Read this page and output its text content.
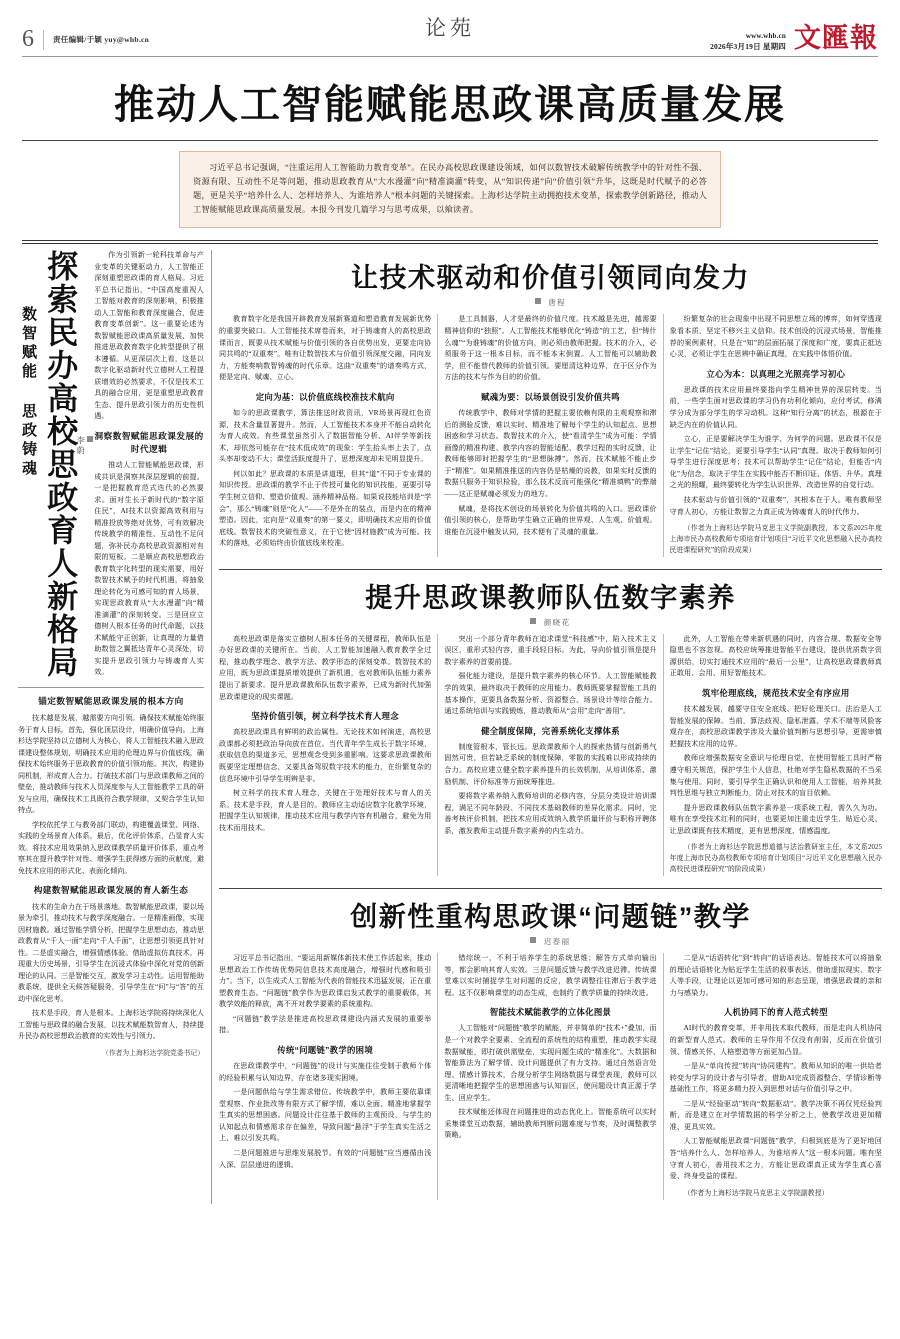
6	责任编辑/于颖 yuy@whb.cn	论苑	www.whb.cn
2026年3月19日 星期四 文匯報
推动人工智能赋能思政课高质量发展
习近平总书记强调，“注重运用人工智能助力教育变革”。在民办高校思政课建设领域，如何以数智技术破解传统教学中的针对性不强、资源有限、互动性不足等问题，推动思政教育从“大水漫灌”向“精准滴灌”转变，从“知识传递”向“价值引领”升华，这既是时代赋予的必答题，更是关乎“培养什么人、怎样培养人、为谁培养人”根本问题的关键探索。上海杉达学院主动拥抱技术变革，探索教学创新路径，推动人工智能赋能思政课高质量发展。本报今刊发几篇学习与思考成果，以飨读者。
数智赋能 思政铸魂 探索民办高校思政育人新格局 李蔚

作为引领新一轮科技革命与产业变革的关键驱动力，人工智能正深刻重塑思政课的育人格局。习近平总书记指出，“中国高度重视人工智能对教育的深刻影响，积极推动人工智能和教育深度融合，促进教育变革创新”。这一重要论述为数智赋能思政课高质量发展、加快推进思政教育数字化转型提供了根本遵循。从更深层次上看，这是以数字化驱动新时代立德树人工程提质增效的必然要求，不仅是技术工具的融合应用，更是重塑思政教育生态、提升思政引领力的历史性机遇。

洞察数智赋能思政课发展的时代逻辑

推动人工智能赋能思政课，形成共识是洞察其深层逻辑的前提。一是把握教育范式迭代的必然要求。面对生长于新时代的“数字原住民”，AI技术以资源高效利用与精准投放等绝对优势，可有效解决传统教学的精准性、互动性不足问题，弥补民办高校思政资源相对有限的短板。二是顺应高校思想政治教育数字化转型的现实需要，用好数智技术赋予的时代机遇，将抽象理论转化为可感可知的育人场景，实现思政教育从“大水漫灌”向“精准滴灌”的深刻转变。三是回应立德树人根本任务的时代命题，以技术赋能守正创新，让真理的力量借助数智之翼抵达青年心灵深处，切实提升思政引领力与铸魂育人实效。

锚定数智赋能思政课发展的根本方向

技术越是发展，越需要方向引领。确保技术赋能始终服务于育人目标。首先，强化顶层设计，明确价值导向。上海杉达学院坚持以立德树人为核心，将人工智能技术融入思政课建设整体规划，明确技术应用的伦理边界与价值底线，确保技术始终服务于思政教育的价值引领功能。其次，构建协同机制，形成育人合力。打破技术部门与思政课教师之间的壁垒，推动教师与技术人员深度参与人工智能教学工具的研发与应用，确保技术工具既符合教学规律，又契合学生认知特点。

学校依托学工与教务部门联动，构建覆盖课堂、网络、实践的全场景育人体系。最后，优化评价体系，凸显育人实效。将技术应用效果纳入思政课教学质量评价体系，重点考察其在提升教学针对性、增强学生获得感方面的贡献度，避免技术应用的形式化、表面化倾向。

构建数智赋能思政课发展的育人新生态

技术的生命力在于场景落地。数智赋能思政课，要以场景为牵引，推动技术与教学深度融合。一是精准画像，实现因材施教。通过智能学情分析，把握学生思想动态，推动思政教育从“千人一面”走向“千人千面”，让思想引领更具针对性。二是虚实融合，增强情感体验。借助虚拟仿真技术，再现重大历史场景，引导学生在沉浸式体验中深化对党的创新理论的认同。三是智能交互，激发学习主动性。运用智能助教系统，提供全天候答疑服务，引导学生在“问”与“答”的互动中深化思考。

技术是手段，育人是根本。上海杉达学院将持续深化人工智能与思政课的融合发展，以技术赋能数智育人，持续提升民办高校思想政治教育的实效性与引领力。

（作者为上海杉达学院党委书记）
让技术驱动和价值引领同向发力
唐程

教育数字化是我国开辟教育发展新赛道和塑造教育发展新优势的重要突破口。人工智能技术席卷而来，对于铸魂育人的高校思政课而言，既要从技术赋能与价值引领的各自优势出发，更要走向协同共鸣的“双重奏”。唯有让数智技术与价值引领深度交融，同向发力，方能奏响数智铸魂的时代乐章。这曲“双重奏”的谱奏鸣方式，便是定向、赋魂、立心。

定向为基：以价值底线校准技术航向

如今的思政课教学，算法推送时政资讯，VR场景再现红色资源，技术含量显著提升。然而，人工智能技术本身并不能自动转化为育人成效。有些课堂虽然引入了数据智能分析、AI伴学等新技术，却依然可能存在“技术低成效”的现象：学生抬头率上去了，点头率却变动不大；课堂活跃度提升了，思想深度却未见明显提升。

何以如此？思政课的本质是讲道理，但其“道”不同于专业课的知识传授。思政课的教学不止于传授可量化的知识技能，更要引导学生树立信仰、塑造价值观、涵养精神品格。如果说技能培训是“学会”，那么“铸魂”则是“化人”——不是外在的装点，而是内在的精神塑造。因此，定向是“双重奏”的第一要义，即明确技术应用的价值底线。数智技术的突破性意义，在于它使“因材施教”成为可能。技术的落地，必须始终由价值底线来校准。

是工具制器，人才是最终的价值尺度。技术越是先进，越需要精神信仰的“独照”。人工智能技术能够优化“铸造”的工艺，但“铸什么魂”“为谁铸魂”的价值方向，则必须由教师把握。技术的介入，必须服务于这一根本目标，而不能本末倒置。人工智能可以辅助教学，但不能替代教师的价值引领。要厘清这种边界，在于区分作为方法的技术与作为目的的价值。

赋魂为要：以场景创设引发价值共鸣

传统教学中，教师对学情的把握主要依赖有限的主观观察和滞后的测验反馈，难以实时、精准地了解每个学生的认知起点、思想困惑和学习状态。数智技术的介入，使“看清学生”成为可能：学情画像的精准构建、教学内容的智能适配、教学过程的实时反馈，让教师能够即时把握学生的“思想脉搏”。然而，技术赋能不能止步于“精准”。如果精准推送的内容仍是枯燥的说教，如果实时反馈的数据只服务于知识检验，那么技术反而可能强化“精准填鸭”的弊端——这正是赋魂必须发力的地方。

赋魂，是将技术创设的场景转化为价值共鸣的入口。思政课价值引领的核心，是帮助学生确立正确的世界观、人生观、价值观。谁能在沉浸中触发认同，技术便有了灵魂的重量。

纷繁复杂的社会现象中出现不同思想立场的博弈，如何穿透现象看本质，坚定不移兴主义信仰。技术创设的沉浸式场景，智能推荐的案例素材，只是在“知”的层面拓展了深度和广度，要真正抵达心灵，必须让学生在思辨中确证真理，在实践中体悟价值。

立心为本：以真理之光照亮学习初心

思政课的技术应用最终要指向学生精神世界的深层转变。当前，一些学生面对思政课的学习仍有功利化倾向，应付考试、修满学分成为部分学生的学习动机。这种“知行分离”的状态，根源在于缺乏内在的价值认同。

立心，正是要解决学生为谁学、为何学的问题。思政课不仅是让学生“记住”结论，更要引导学生“认同”真理。取决于教师如何引导学生进行深度思考；技术可以帮助学生“记住”结论，但能否“内化”为信念，取决于学生在实践中能否不断印证、体悟、升华。真理之光的照耀，最终要转化为学生认识世界、改造世界的自觉行动。

技术驱动与价值引领的“双重奏”，其根本在于人。唯有教师坚守育人初心，方能让数智之力真正成为铸魂育人的时代伟力。

（作者为上海杉达学院马克思主义学院副教授，本文系2025年度上海市民办高校教师专项培育计划项目“习近平文化思想融入民办高校民进课程研究”的阶段成果）
提升思政课教师队伍数字素养
颜晓花

高校思政课是落实立德树人根本任务的关键课程，教师队伍是办好思政课的关键所在。当前，人工智能加速融入教育教学全过程，推动教学理念、教学方法、教学形态的深刻变革。数智技术的应用，既为思政课提质增效提供了新机遇，也对教师队伍能力素养提出了新要求。提升思政课教师队伍数字素养，已成为新时代加强思政课建设的现实课题。

坚持价值引领，树立科学技术育人理念

高校思政课具有鲜明的政治属性。无论技术如何演进，高校思政课都必须把政治导向放在首位。当代青年学生成长于数字环境，获取信息的渠道多元，思想观念受到多重影响。这要求思政课教师既要坚定理想信念，又要具备驾驭数字技术的能力，在纷繁复杂的信息环境中引导学生明辨是非。

树立科学的技术育人理念，关键在于处理好技术与育人的关系。技术是手段，育人是目的。教师应主动适应数字化教学环境，把握学生认知规律，推动技术应用与教学内容有机融合，避免为用技术而用技术。

突出一个部分青年教师在追求课堂“科技感”中，陷入技术主义误区，重形式轻内容，重手段轻目标。为此，导向价值引领是提升数字素养的首要前提。

强化能力建设，是提升数字素养的核心环节。人工智能赋能教学的效果，最终取决于教师的应用能力。教师既要掌握智能工具的基本操作，更要具备数据分析、资源整合、场景设计等综合能力。通过系统培训与实践锻炼，推动教师从“会用”走向“善用”。

健全制度保障，完善系统化支撑体系

制度管根本，管长远。思政课教师个人的探索热情与创新勇气固然可贵，但若缺乏系统的制度保障，零散的实践难以形成持续的合力。高校应建立健全数字素养提升的长效机制，从培训体系、激励机制、评价标准等方面统筹推进。

要将数字素养纳入教师培训的必修内容，分层分类设计培训课程，满足不同年龄段、不同技术基础教师的差异化需求。同时，完善考核评价机制，把技术应用成效纳入教学质量评价与职称评聘体系，激发教师主动提升数字素养的内生动力。

此外，人工智能在带来新机遇的同时，内容合规、数据安全等隐患也不容忽视。高校应统筹推进智能平台建设，提供优质数字资源供给，切实打通技术应用的“最后一公里”，让高校思政课教师真正敢用、会用、用好智能技术。

筑牢伦理底线，规范技术安全有序应用

技术越发展，越要守住安全底线、把好伦理关口。法治是人工智能发展的保障。当前，算法歧视、隐私泄露、学术不端等风险客观存在，高校思政课教学涉及大量价值判断与思想引导，更需审慎把握技术应用的边界。

教师应增强数据安全意识与伦理自觉，在使用智能工具时严格遵守相关规范，保护学生个人信息，杜绝对学生隐私数据的不当采集与使用。同时，要引导学生正确认识和使用人工智能，培养其批判性思维与独立判断能力，防止对技术的盲目依赖。

提升思政课教师队伍数字素养是一项系统工程，需久久为功。唯有在享受技术红利的同时，也要更加注重走近学生、贴近心灵，让思政课既有技术精度，更有思想深度、情感温度。

（作者为上海杉达学院思想道德与法治教研室主任，本文系2025年度上海市民办高校教师专项培育计划项目“习近平文化思想融入民办高校民进课程研究”的阶段成果）
创新性重构思政课“问题链”教学
迟春丽

习近平总书记指出，“要运用新媒体新技术使工作活起来，推动思想政治工作传统优势同信息技术高度融合，增强时代感和吸引力”。当下，以生成式人工智能为代表的智能技术迅猛发展，正在重塑教育生态。“问题链”教学作为思政课启发式教学的重要载体，其教学效能的释放，离不开对教学要素的系统重构。

“问题链”教学法是推进高校思政课建设内涵式发展的重要举措。

传统“问题链”教学的困境

在思政课教学中，“问题链”的设计与实施往往受制于教师个体的经验积累与认知边界，存在诸多现实困境。

一是问题供给与学生需求错位。传统教学中，教师主要依靠课堂观察、作业批改等有限方式了解学情，难以全面、精准地掌握学生真实的思想困惑。问题设计往往基于教师的主观预设，与学生的认知起点和情感需求存在偏差，导致问题“悬浮”于学生真实生活之上，难以引发共鸣。

二是问题推进与思维发展脱节。有效的“问题链”应当遵循由浅入深、层层递进的逻辑。

错综统一，不利于培养学生的系统思维；解答方式单向输出等，都会影响其育人实效。三是问题反馈与教学改进迟滞。传统课堂难以实时捕捉学生对问题的反应，教学调整往往滞后于教学进程。这不仅影响课堂的动态生成，也制约了教学质量的持续改进。

智能技术赋能教学的立体化图景

人工智能对“问题链”教学的赋能，并非简单的“技术+”叠加，而是一个对教学全要素、全流程的系统性的结构重塑，推动教学实现数据赋能，即打破供需壁垒，实现问题生成的“精准化”。大数据和智能算法为了解学情、设计问题提供了有力支持。通过自然语言处理、情感计算技术，合规分析学生网络数据与课堂表现，教师可以更清晰地把握学生的思想困惑与认知盲区，使问题设计真正源于学生、回应学生。

技术赋能还体现在问题推进的动态优化上。智能系统可以实时采集课堂互动数据，辅助教师判断问题难度与节奏，及时调整教学策略。

二是从“话语转化”到“转向”的话语表达。智能技术可以将抽象的理论话语转化为贴近学生生活的叙事表达，借助虚拟现实、数字人等手段，让理论以更加可感可知的形态呈现，增强思政课的亲和力与感染力。

人机协同下的育人范式转型

AI时代的教育变革，并非用技术取代教师，而是走向人机协同的新型育人范式。教师的主导作用不仅没有削弱，反而在价值引领、情感关怀、人格塑造等方面更加凸显。

一是从“单向传授”转向“协同建构”。教师从知识的唯一供给者转变为学习的设计者与引导者，借助AI完成资源整合、学情诊断等基础性工作，将更多精力投入到思想对话与价值引导之中。

二是从“经验驱动”转向“数据驱动”。教学决策不再仅凭经验判断，而是建立在对学情数据的科学分析之上，使教学改进更加精准、更具实效。

人工智能赋能思政课“问题链”教学，归根到底是为了更好地回答“培养什么人、怎样培养人、为谁培养人”这一根本问题。唯有坚守育人初心，善用技术之力，方能让思政课真正成为学生真心喜爱、终身受益的课程。

（作者为上海杉达学院马克思主义学院副教授）
